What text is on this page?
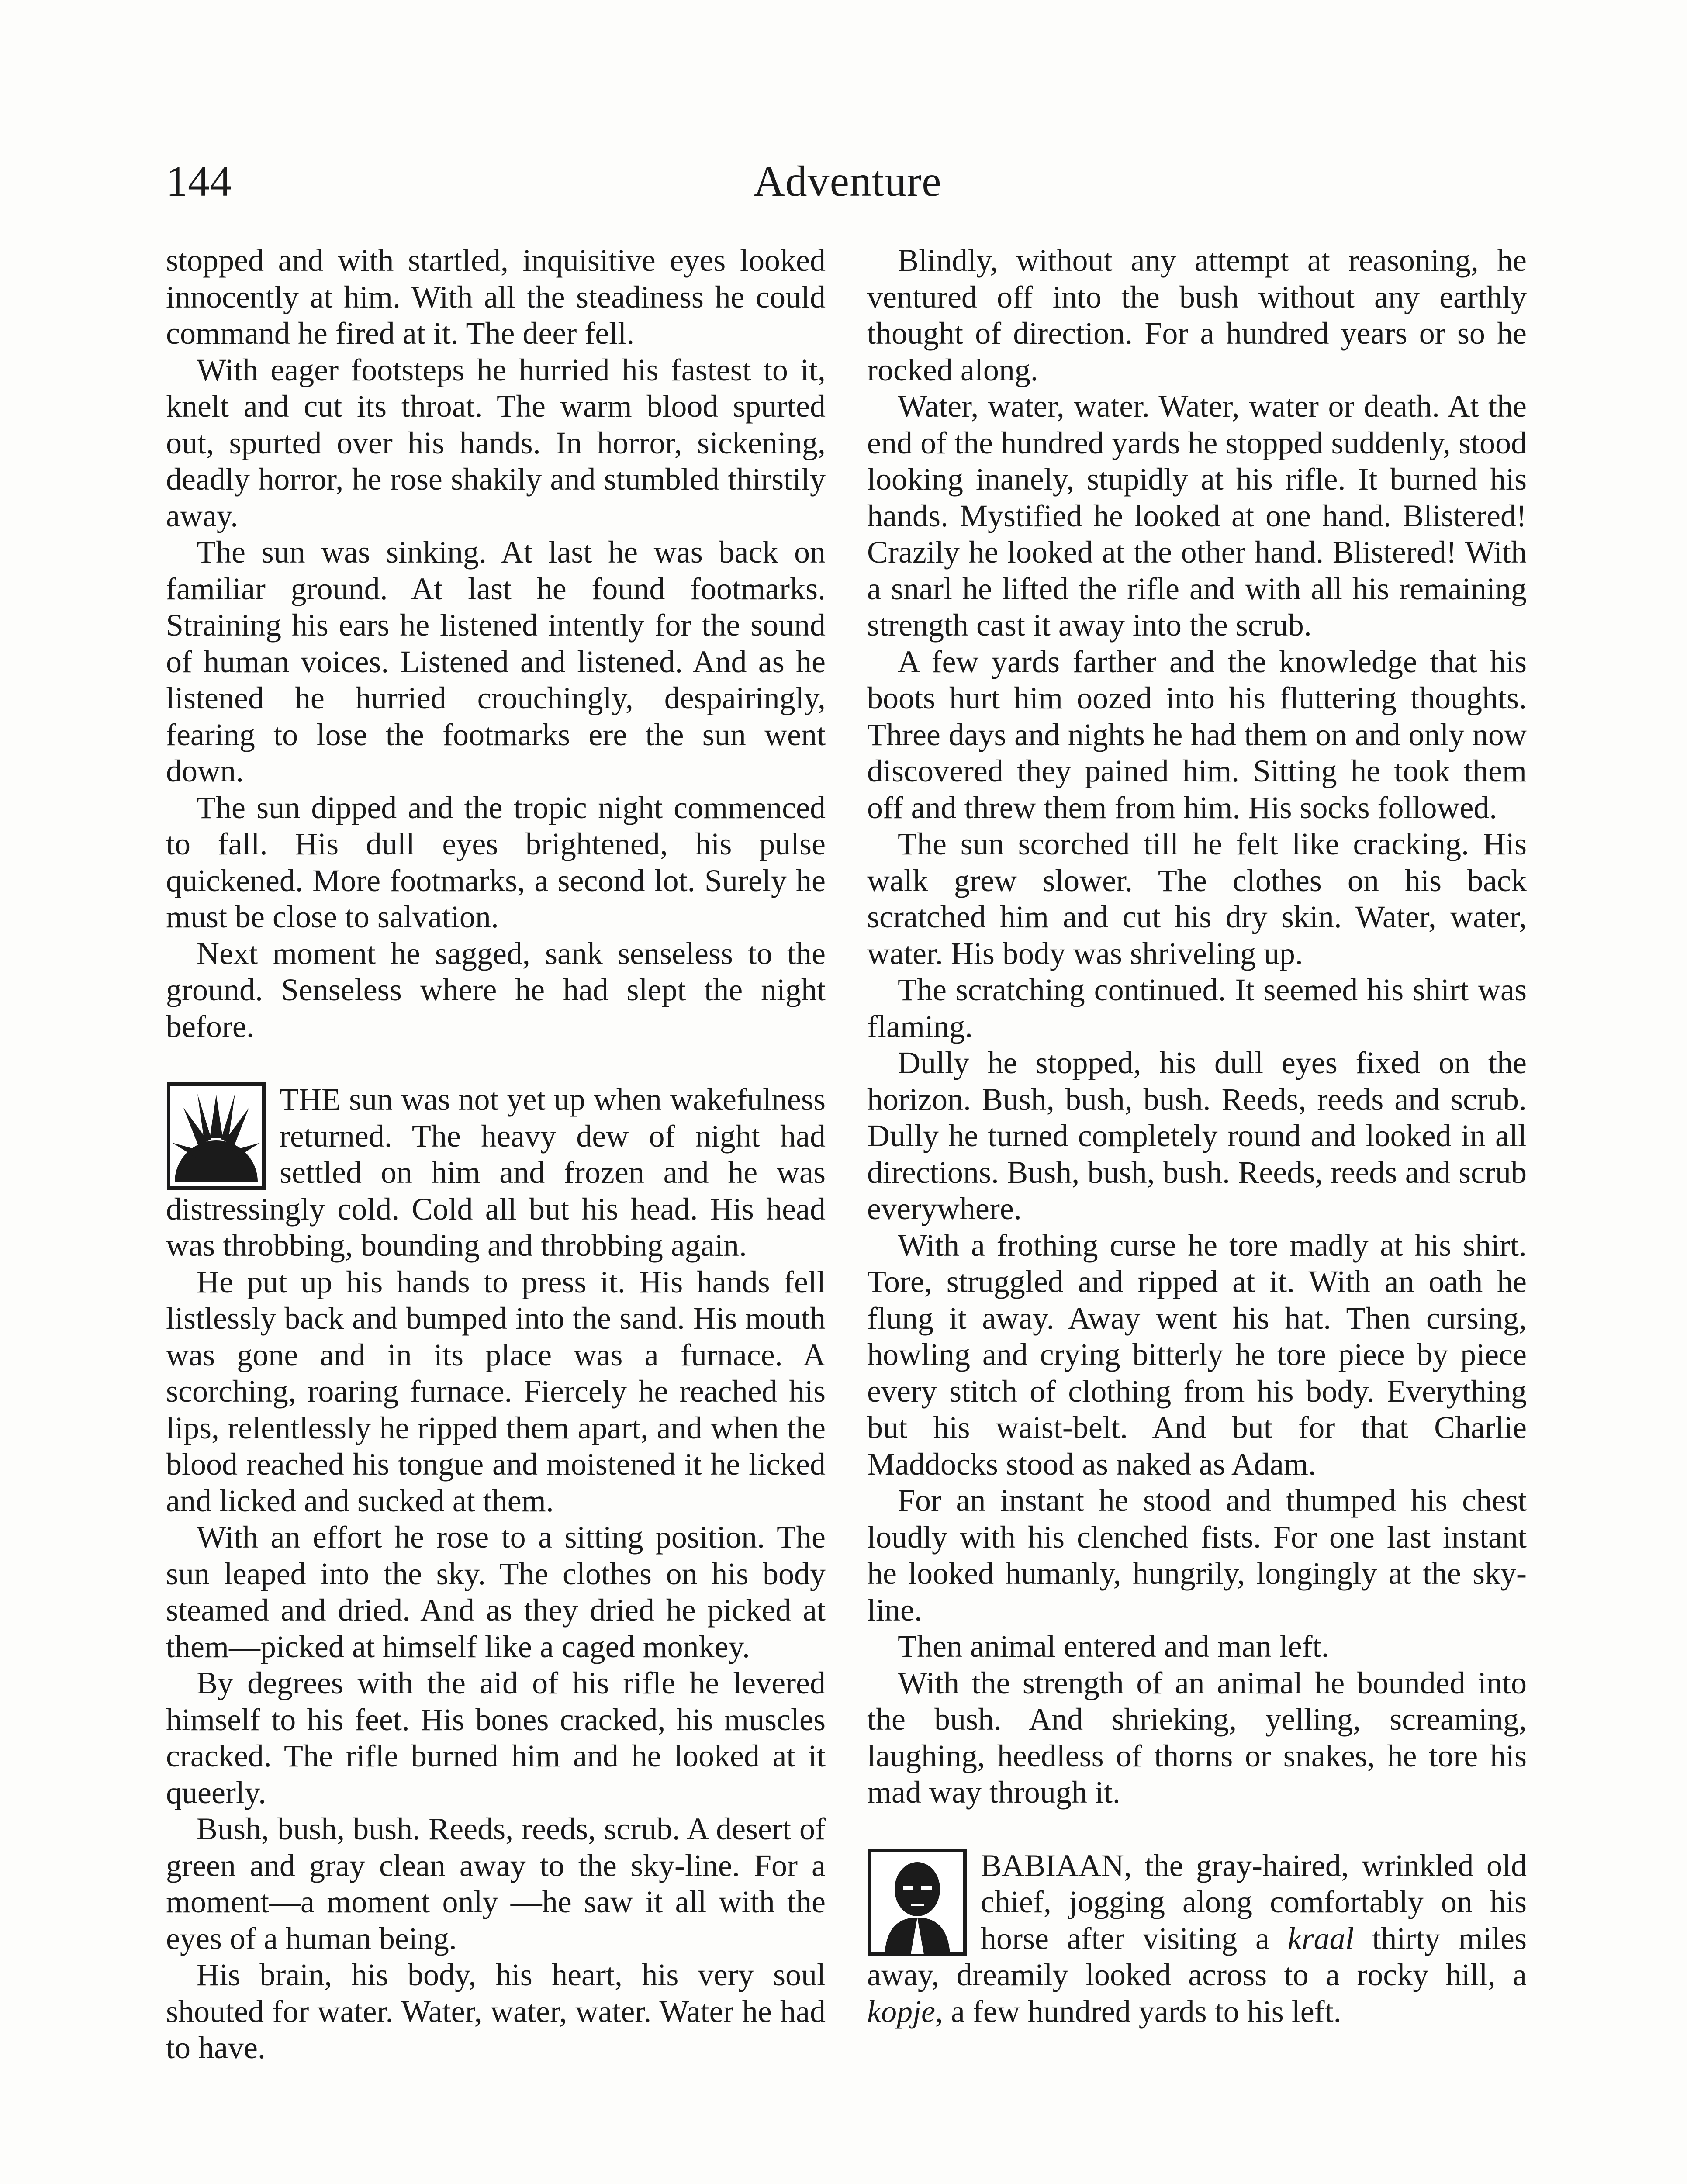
144	Adventure

stopped and with startled, inquisitive eyes looked innocently at him. With all the steadiness he could command he fired at it. The deer fell.

With eager footsteps he hurried his fastest to it, knelt and cut its throat. The warm blood spurted out, spurted over his hands. In horror, sickening, deadly horror, he rose shakily and stumbled thirstily away.

The sun was sinking. At last he was back on familiar ground. At last he found footmarks. Straining his ears he listened intently for the sound of human voices. Listened and listened. And as he listened he hurried crouchingly, despairingly, fearing to lose the footmarks ere the sun went down.

The sun dipped and the tropic night commenced to fall. His dull eyes brightened, his pulse quickened. More footmarks, a second lot. Surely he must be close to salvation.

Next moment he sagged, sank senseless to the ground. Senseless where he had slept the night before.

THE sun was not yet up when wakefulness returned. The heavy dew of night had settled on him and frozen and he was distressingly cold. Cold all but his head. His head was throbbing, bounding and throbbing again.

He put up his hands to press it. His hands fell listlessly back and bumped into the sand. His mouth was gone and in its place was a furnace. A scorching, roaring furnace. Fiercely he reached his lips, relentlessly he ripped them apart, and when the blood reached his tongue and moistened it he licked and licked and sucked at them.

With an effort he rose to a sitting position. The sun leaped into the sky. The clothes on his body steamed and dried. And as they dried he picked at them—picked at himself like a caged monkey.

By degrees with the aid of his rifle he levered himself to his feet. His bones cracked, his muscles cracked. The rifle burned him and he looked at it queerly.

Bush, bush, bush. Reeds, reeds, scrub. A desert of green and gray clean away to the sky-line. For a moment—a moment only —he saw it all with the eyes of a human being.

His brain, his body, his heart, his very soul shouted for water. Water, water, water. Water he had to have.

Blindly, without any attempt at reasoning, he ventured off into the bush without any earthly thought of direction. For a hundred years or so he rocked along.

Water, water, water. Water, water or death. At the end of the hundred yards he stopped suddenly, stood looking inanely, stupidly at his rifle. It burned his hands. Mystified he looked at one hand. Blistered! Crazily he looked at the other hand. Blistered! With a snarl he lifted the rifle and with all his remaining strength cast it away into the scrub.

A few yards farther and the knowledge that his boots hurt him oozed into his fluttering thoughts. Three days and nights he had them on and only now discovered they pained him. Sitting he took them off and threw them from him. His socks followed.

The sun scorched till he felt like cracking. His walk grew slower. The clothes on his back scratched him and cut his dry skin. Water, water, water. His body was shriveling up.

The scratching continued. It seemed his shirt was flaming.

Dully he stopped, his dull eyes fixed on the horizon. Bush, bush, bush. Reeds, reeds and scrub. Dully he turned completely round and looked in all directions. Bush, bush, bush. Reeds, reeds and scrub everywhere.

With a frothing curse he tore madly at his shirt. Tore, struggled and ripped at it. With an oath he flung it away. Away went his hat. Then cursing, howling and crying bitterly he tore piece by piece every stitch of clothing from his body. Everything but his waist-belt. And but for that Charlie Maddocks stood as naked as Adam.

For an instant he stood and thumped his chest loudly with his clenched fists. For one last instant he looked humanly, hungrily, longingly at the sky-line.

Then animal entered and man left.

With the strength of an animal he bounded into the bush. And shrieking, yelling, screaming, laughing, heedless of thorns or snakes, he tore his mad way through it.

BABIAAN, the gray-haired, wrinkled old chief, jogging along comfortably on his horse after visiting a kraal thirty miles away, dreamily looked across to a rocky hill, a kopje, a few hundred yards to his left.
